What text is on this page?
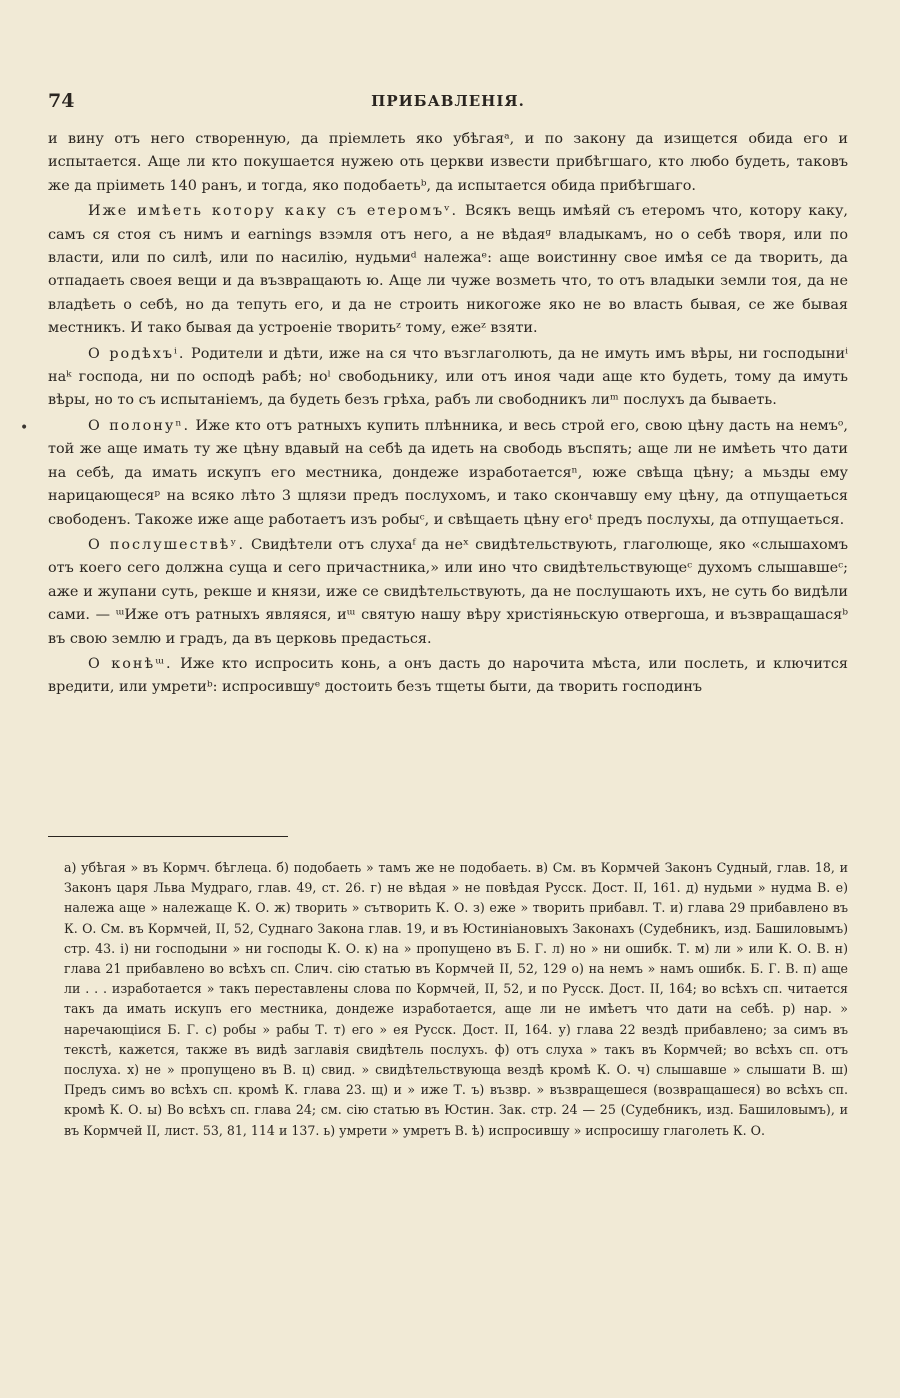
74	ПРИБАВЛЕНІЯ.
•

и вину отъ него створенную, да пріемлеть яко убѣгаяᵃ, и по закону да изищется обида его и испытается. Аще ли кто покушается нужею оть церкви извести прибѣгшаго, кто любо будеть, таковъ же да пріиметь 140 ранъ, и тогда, яко подобаетьᵇ, да испытается обида прибѣгшаго.

Иже имѣеть котору каку съ етеромъᵛ. Всякъ вещь имѣяй съ етеромъ что, котору каку, самъ ся стоя съ нимъ и earnings взэмля отъ него, а не вѣдаяᵍ владыкамъ, но о себѣ творя, или по власти, или по силѣ, или по насилію, нудьмиᵈ належаᵉ: аще воистинну свое имѣя се да творить, да отпадаеть своея вещи и да възвращають ю. Аще ли чуже возметь что, то отъ владыки земли тоя, да не владѣеть о себѣ, но да тепуть его, и да не строить никогоже яко не во власть бывая, се же бывая местникъ. И тако бывая да устроеніе творитьᶻ тому, ежеᶻ взяти.

О родѣхъⁱ. Родители и дѣти, иже на ся что възглаголють, да не имуть имъ вѣры, ни господыниⁱ наᵏ господа, ни по осподѣ рабѣ; ноˡ свободьнику, или отъ иноя чади аще кто будеть, тому да имуть вѣры, но то съ испытаніемъ, да будеть безъ грѣха, рабъ ли свободникъ лиᵐ послухъ да бываеть.

О полонуⁿ. Иже кто отъ ратныхъ купить плѣнника, и весь строй его, свою цѣну дасть на немъᵒ, той же аще имать ту же цѣну вдавый на себѣ да идеть на свободь въспять; аще ли не имѣеть что дати на себѣ, да имать искупъ его местника, дондеже изработаетсяⁿ, юже свѣща цѣну; а мьзды ему нарицающесяᵖ на всяко лѣто 3 щлязи предъ послухомъ, и тако скончавшу ему цѣну, да отпущаеться свободенъ. Такоже иже аще работаетъ изъ робыᶜ, и свѣщаеть цѣну егоᵗ предъ послухы, да отпущаеться.

О послушествѣʸ. Свидѣтели отъ слухаᶠ да неˣ свидѣтельствують, глаголюще, яко «слышахомъ отъ коего сего должна суща и сего причастника,» или ино что свидѣтельствующеᶜ духомъ слышавшеᶜ; аже и жупани суть, рекше и князи, иже се свидѣтельствують, да не послушають ихъ, не суть бо видѣли сами. — ᵚИже отъ ратныхъ являяся, иᵚ святую нашу вѣру христіяньскую отвергоша, и възвращашасяᵇ въ свою землю и градъ, да въ церковь предасться.

О конѣᵚ. Иже кто испросить конь, а онъ дасть до нарочита мѣста, или послеть, и ключится вредити, или умретиᵇ: испросившуᵉ достоить безъ тщеты быти, да творить господинъ

а) убѣгая » въ Кормч. бѣглеца. б) подобаеть » тамъ же не подобаеть. в) См. въ Кормчей Законъ Судный, глав. 18, и Законъ царя Льва Мудраго, глав. 49, ст. 26. г) не вѣдая » не повѣдая Русск. Дост. II, 161. д) нудьми » нудма В. е) належа аще » належаще К. О. ж) творить » сътворить К. О. з) еже » творить прибавл. Т. и) глава 29 прибавлено въ К. О. См. въ Кормчей, II, 52, Суднаго Закона глав. 19, и въ Юстиніановыхъ Законахъ (Судебникъ, изд. Башиловымъ) стр. 43. і) ни господыни » ни господы К. О. к) на » пропущено въ Б. Г. л) но » ни ошибк. Т. м) ли » или К. О. В. н) глава 21 прибавлено во всѣхъ сп. Слич. сію статью въ Кормчей II, 52, 129 о) на немъ » намъ ошибк. Б. Г. В. п) аще ли . . . изработается » такъ переставлены слова по Кормчей, II, 52, и по Русск. Дост. II, 164; во всѣхъ сп. читается такъ да имать искупъ его местника, дондеже изработается, аще ли не имѣетъ что дати на себѣ. р) нар. » наречающіися Б. Г. с) робы » рабы Т. т) его » ея Русск. Дост. II, 164. у) глава 22 вездѣ прибавлено; за симъ въ текстѣ, кажется, также въ видѣ заглавія свидѣтель послухъ. ф) отъ слуха » такъ въ Кормчей; во всѣхъ сп. отъ послуха. х) не » пропущено въ В. ц) свид. » свидѣтельствующа вездѣ кромѣ К. О. ч) слышавше » слышати В. ш) Предъ симъ во всѣхъ сп. кромѣ К. глава 23. щ) и » иже Т. ъ) възвр. » възвращешеся (возвращашеся) во всѣхъ сп. кромѣ К. О. ы) Во всѣхъ сп. глава 24; см. сію статью въ Юстин. Зак. стр. 24 — 25 (Судебникъ, изд. Башиловымъ), и въ Кормчей II, лист. 53, 81, 114 и 137. ь) умрети » умретъ В. ѣ) испросившу » испросишу глаголеть К. О.
